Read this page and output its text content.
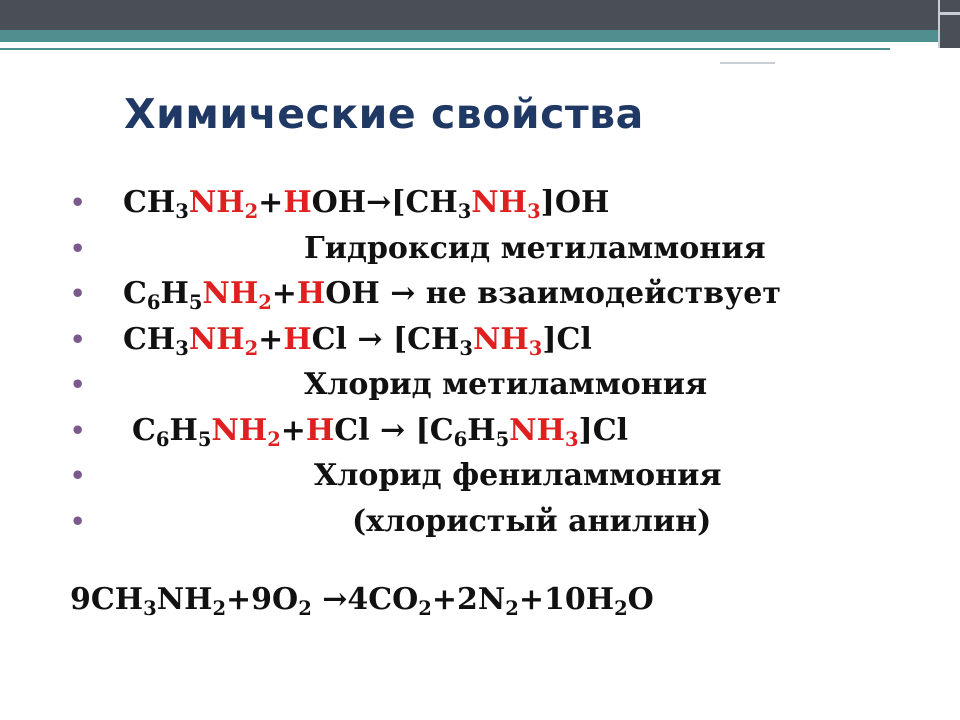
Химические свойства
• $CH_3NH_2+HOH\to[CH_3NH_3]OH$
•	Гидроксид метиламмония
• $C_6H_5NH_2+HOH$ → не взаимодействует
• $CH_3NH_2+HCl \to [CH_3NH_3]Cl$
•	Хлорид метиламмония
• $C_6H_5NH_2+HCl \to [C_6H_5NH_3]Cl$
•	Хлорид фениламмония
•	(хлористый анилин)
$9CH_3NH_2+9O_2 \to 4CO_2+2N_2+10H_2O$
